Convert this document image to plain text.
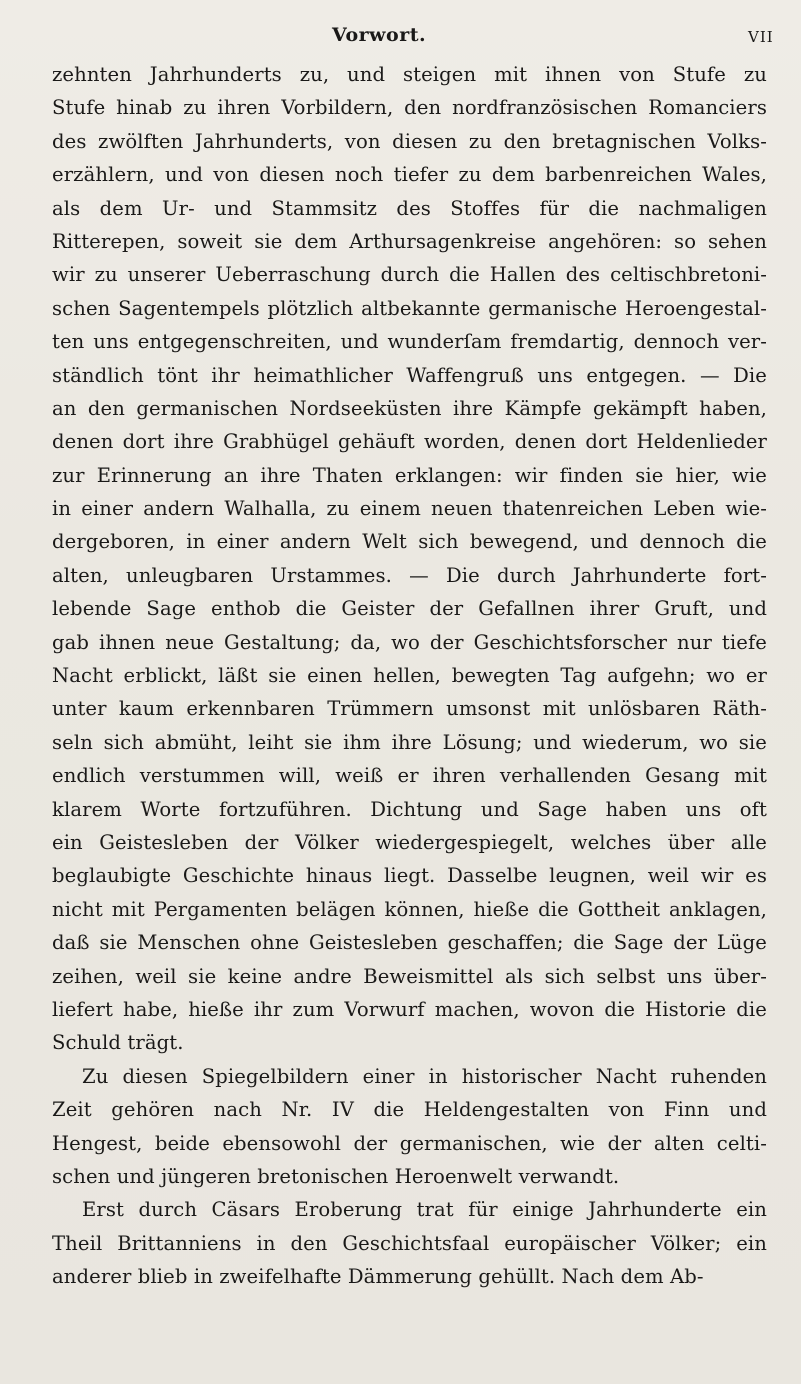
Vorwort.	VII
zehnten Jahrhunderts zu, und steigen mit ihnen von Stufe zu
Stufe hinab zu ihren Vorbildern, den nordfranzösischen Romanciers
des zwölften Jahrhunderts, von diesen zu den bretagnischen Volks-
erzählern, und von diesen noch tiefer zu dem barbenreichen Wales,
als dem Ur- und Stammsitz des Stoffes für die nachmaligen
Ritterepen, soweit sie dem Arthursagenkreise angehören: so sehen
wir zu unserer Ueberraschung durch die Hallen des celtischbretoni-
schen Sagentempels plötzlich altbekannte germanische Heroengestal-
ten uns entgegenschreiten, und wunderſam fremdartig, dennoch ver-
ständlich tönt ihr heimathlicher Waffengruß uns entgegen. — Die
an den germanischen Nordseeküsten ihre Kämpfe gekämpft haben,
denen dort ihre Grabhügel gehäuft worden, denen dort Heldenlieder
zur Erinnerung an ihre Thaten erklangen: wir finden sie hier, wie
in einer andern Walhalla, zu einem neuen thatenreichen Leben wie-
dergeboren, in einer andern Welt sich bewegend, und dennoch die
alten, unleugbaren Urstammes. — Die durch Jahrhunderte fort-
lebende Sage enthob die Geister der Gefallnen ihrer Gruft, und
gab ihnen neue Gestaltung; da, wo der Geschichtsforscher nur tiefe
Nacht erblickt, läßt sie einen hellen, bewegten Tag aufgehn; wo er
unter kaum erkennbaren Trümmern umsonst mit unlösbaren Räth-
seln sich abmüht, leiht sie ihm ihre Lösung; und wiederum, wo sie
endlich verstummen will, weiß er ihren verhallenden Gesang mit
klarem Worte fortzuführen. Dichtung und Sage haben uns oft
ein Geistesleben der Völker wiedergespiegelt, welches über alle
beglaubigte Geschichte hinaus liegt. Dasselbe leugnen, weil wir es
nicht mit Pergamenten belägen können, hieße die Gottheit anklagen,
daß sie Menschen ohne Geistesleben geschaffen; die Sage der Lüge
zeihen, weil sie keine andre Beweismittel als sich selbst uns über-
liefert habe, hieße ihr zum Vorwurf machen, wovon die Historie die
Schuld trägt.
Zu diesen Spiegelbildern einer in historischer Nacht ruhenden
Zeit gehören nach Nr. IV die Heldengestalten von Finn und
Hengest, beide ebensowohl der germanischen, wie der alten celti-
schen und jüngeren bretonischen Heroenwelt verwandt.
Erst durch Cäsars Eroberung trat für einige Jahrhunderte ein
Theil Brittanniens in den Geschichtsfaal europäischer Völker; ein
anderer blieb in zweifelhafte Dämmerung gehüllt. Nach dem Ab-
